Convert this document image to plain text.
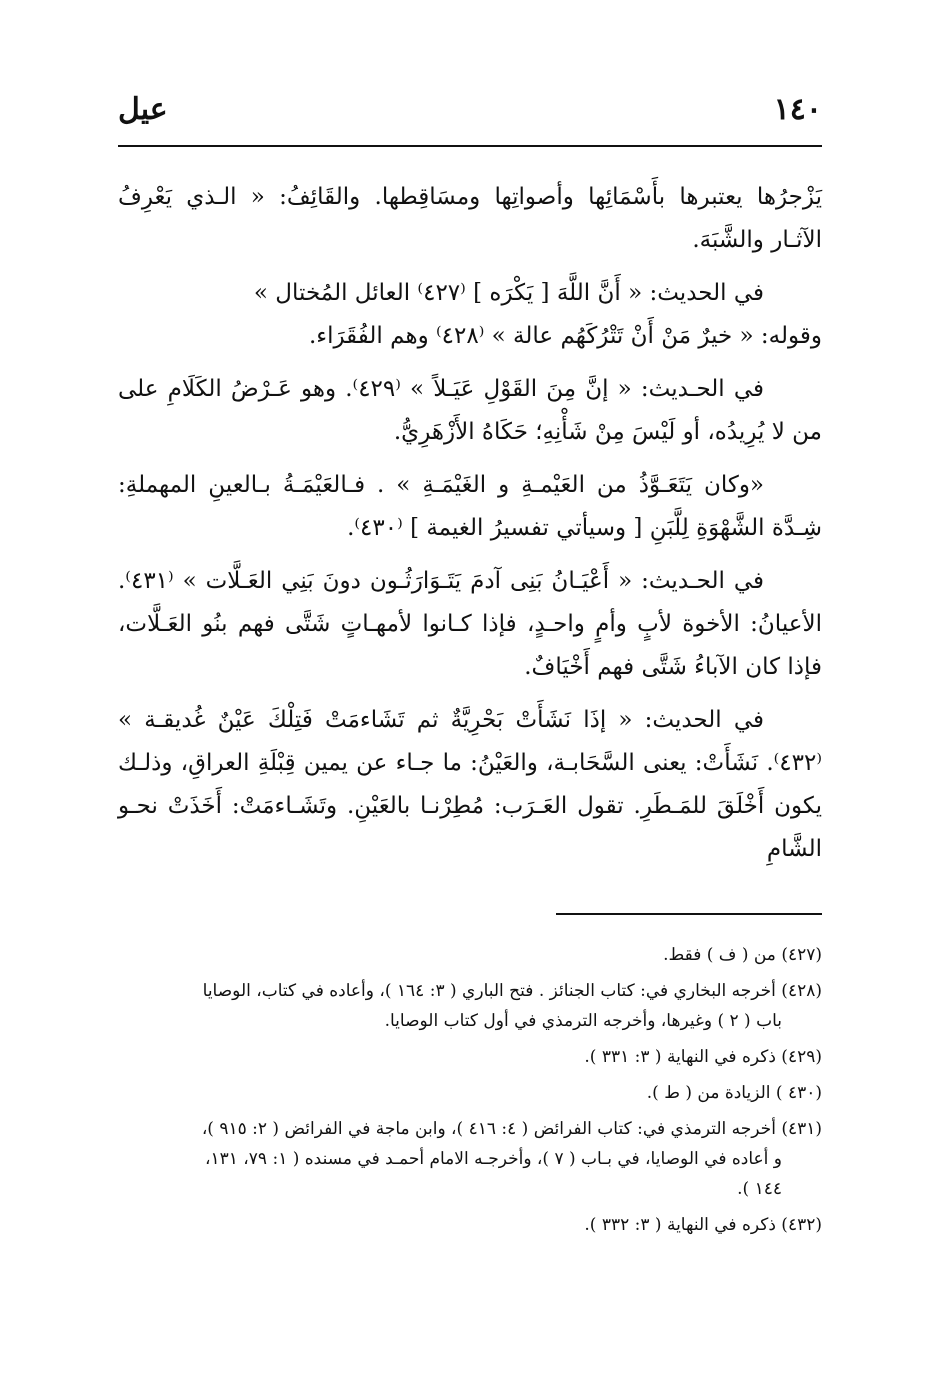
١٤٠
عيل

يَزْجرُها يعتبرها بأَسْمَائِها وأصواتِها ومسَاقِطها. والقَائِفُ: « الـذي يَعْرِفُ الآثـار والشَّبَهَ.

في الحديث: « أَنَّ اللَّهَ [ يَكْرَه ] ⁽٤٢٧⁾ العائل المُختال »

وقوله: « خيرٌ مَنْ أَنْ تَتْرُكَهُم عالة » ⁽٤٢٨⁾ وهم الفُقَرَاء.

في الحـديث: « إنَّ مِنَ القَوْلِ عَيَـلاً » ⁽٤٢٩⁾. وهو عَـرْضُ الكَلَامِ على من لا يُرِيدُه، أو لَيْسَ مِنْ شَأْنِهِ؛ حَكَاهُ الأَزْهَرِيُّ.

«وكان يَتَعَـوَّذُ من العَيْمـةِ و الغَيْمَـةِ » . فـالعَيْمَـةُ بـالعينِ المهملةِ: شِـدَّة الشَّهْوَةِ لِلَّبَنِ [ وسيأتي تفسيرُ الغيمة ] ⁽٤٣٠⁾.

في الحـديث: « أَعْيَـانُ بَنِى آدمَ يَتَـوَارَثُـون دونَ بَنِي العَـلَّات » ⁽٤٣١⁾. الأعيانُ: الأخوة لأبٍ وأمٍ واحـدٍ، فإذا كـانوا لأمهـاتٍ شَتَّى فهم بنُو العَـلَّات، فإذا كان الآباءُ شَتَّى فهم أَخْيَافٌ.

في الحديث: « إذَا نَشَأَتْ بَحْرِيَّةٌ ثم تَشَاءمَتْ فَتِلْكَ عَيْنٌ غُديقـة » ⁽٤٣٢⁾. نَشَأَتْ: يعنى السَّحَابـة، والعَيْنُ: ما جـاء عن يمين قِبْلَةِ العراقِ، وذلـك يكون أَخْلَقَ للمَـطَرِ. تقول العَـرَب: مُطِرْنـا بالعَيْنِ. وتَشَـاءمَتْ: أَخَذَتْ نحـو الشَّامِ

(٤٢٧) من ( ف ) فقط.

(٤٢٨) أخرجه البخاري في: كتاب الجنائز . فتح الباري ( ٣: ١٦٤ )، وأعاده في كتاب، الوصايا
باب ( ٢ ) وغيرها، وأخرجه الترمذي في أول كتاب الوصايا.

(٤٢٩) ذكره في النهاية ( ٣: ٣٣١ ).

(٤٣٠ ) الزيادة من ( ط ).

(٤٣١) أخرجه الترمذي في: كتاب الفرائض ( ٤: ٤١٦ )، وابن ماجة في الفرائض ( ٢: ٩١٥ )،
و أعاده في الوصايا، في بـاب ( ٧ )، وأخرجـه الامام أحمـد في مسنده ( ١: ٧٩، ١٣١،
١٤٤ ).

(٤٣٢) ذكره في النهاية ( ٣: ٣٣٢ ).
